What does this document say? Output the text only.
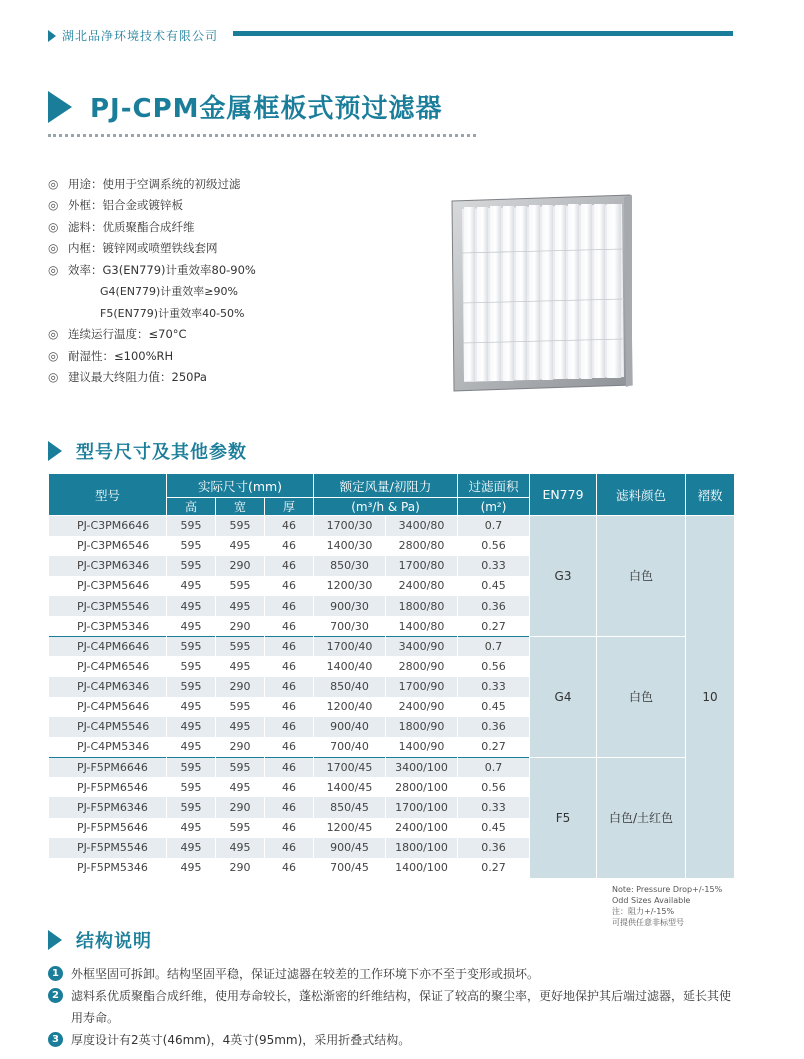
湖北品净环境技术有限公司
PJ-CPM金属框板式预过滤器
◎ 用途：使用于空调系统的初级过滤
◎ 外框：铝合金或镀锌板
◎ 滤料：优质聚酯合成纤维
◎ 内框：镀锌网或喷塑铁线套网
◎ 效率：G3(EN779)计重效率80-90%
G4(EN779)计重效率≥90%
F5(EN779)计重效率40-50%
◎ 连续运行温度：≤70°C
◎ 耐湿性：≤100%RH
◎ 建议最大终阻力值：250Pa
型号尺寸及其他参数
型号	实际尺寸(mm)			额定风量/初阻力		过滤面积	EN779	滤料颜色	褶数
	高	宽	厚	(m³/h & Pa)		(m²)			
PJ-C3PM6646	595	595	46	1700/30	3400/80	0.7	G3	白色	10
PJ-C3PM6546	595	495	46	1400/30	2800/80	0.56			
PJ-C3PM6346	595	290	46	850/30	1700/80	0.33			
PJ-C3PM5646	495	595	46	1200/30	2400/80	0.45			
PJ-C3PM5546	495	495	46	900/30	1800/80	0.36			
PJ-C3PM5346	495	290	46	700/30	1400/80	0.27			
PJ-C4PM6646	595	595	46	1700/40	3400/90	0.7	G4	白色	
PJ-C4PM6546	595	495	46	1400/40	2800/90	0.56			
PJ-C4PM6346	595	290	46	850/40	1700/90	0.33			
PJ-C4PM5646	495	595	46	1200/40	2400/90	0.45			
PJ-C4PM5546	495	495	46	900/40	1800/90	0.36			
PJ-C4PM5346	495	290	46	700/40	1400/90	0.27			
PJ-F5PM6646	595	595	46	1700/45	3400/100	0.7	F5	白色/土红色	
PJ-F5PM6546	595	495	46	1400/45	2800/100	0.56			
PJ-F5PM6346	595	290	46	850/45	1700/100	0.33			
PJ-F5PM5646	495	595	46	1200/45	2400/100	0.45			
PJ-F5PM5546	495	495	46	900/45	1800/100	0.36			
PJ-F5PM5346	495	290	46	700/45	1400/100	0.27			
Note: Pressure Drop+/-15%
Odd Sizes Available
注：阻力+/-15%
可提供任意非标型号
结构说明
1	外框坚固可拆卸。结构坚固平稳，保证过滤器在较差的工作环境下亦不至于变形或损坏。
2	滤料系优质聚酯合成纤维，使用寿命较长，蓬松渐密的纤维结构，保证了较高的聚尘率，更好地保护其后端过滤器，延长其使用寿命。
3	厚度设计有2英寸(46mm)，4英寸(95mm)，采用折叠式结构。
